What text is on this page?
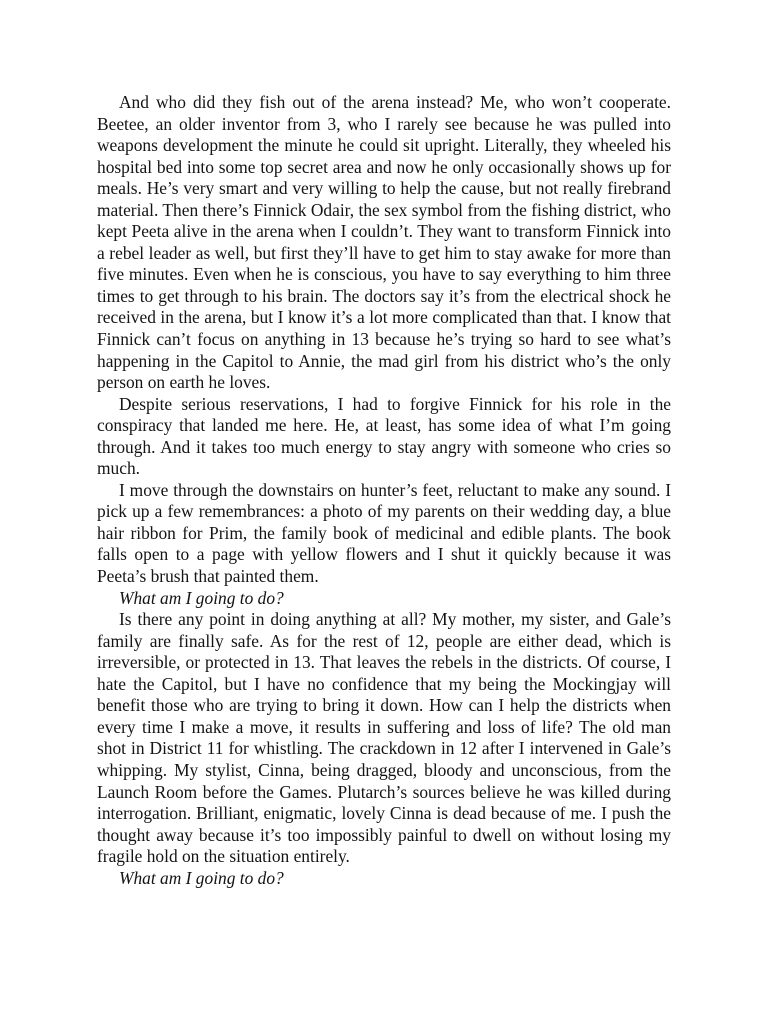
And who did they fish out of the arena instead? Me, who won’t cooperate. Beetee, an older inventor from 3, who I rarely see because he was pulled into weapons development the minute he could sit upright. Literally, they wheeled his hospital bed into some top secret area and now he only occasionally shows up for meals. He’s very smart and very willing to help the cause, but not really firebrand material. Then there’s Finnick Odair, the sex symbol from the fishing district, who kept Peeta alive in the arena when I couldn’t. They want to transform Finnick into a rebel leader as well, but first they’ll have to get him to stay awake for more than five minutes. Even when he is conscious, you have to say everything to him three times to get through to his brain. The doctors say it’s from the electrical shock he received in the arena, but I know it’s a lot more complicated than that. I know that Finnick can’t focus on anything in 13 because he’s trying so hard to see what’s happening in the Capitol to Annie, the mad girl from his district who’s the only person on earth he loves.

Despite serious reservations, I had to forgive Finnick for his role in the conspiracy that landed me here. He, at least, has some idea of what I’m going through. And it takes too much energy to stay angry with someone who cries so much.

I move through the downstairs on hunter’s feet, reluctant to make any sound. I pick up a few remembrances: a photo of my parents on their wedding day, a blue hair ribbon for Prim, the family book of medicinal and edible plants. The book falls open to a page with yellow flowers and I shut it quickly because it was Peeta’s brush that painted them.

What am I going to do?

Is there any point in doing anything at all? My mother, my sister, and Gale’s family are finally safe. As for the rest of 12, people are either dead, which is irreversible, or protected in 13. That leaves the rebels in the districts. Of course, I hate the Capitol, but I have no confidence that my being the Mockingjay will benefit those who are trying to bring it down. How can I help the districts when every time I make a move, it results in suffering and loss of life? The old man shot in District 11 for whistling. The crackdown in 12 after I intervened in Gale’s whipping. My stylist, Cinna, being dragged, bloody and unconscious, from the Launch Room before the Games. Plutarch’s sources believe he was killed during interrogation. Brilliant, enigmatic, lovely Cinna is dead because of me. I push the thought away because it’s too impossibly painful to dwell on without losing my fragile hold on the situation entirely.

What am I going to do?
